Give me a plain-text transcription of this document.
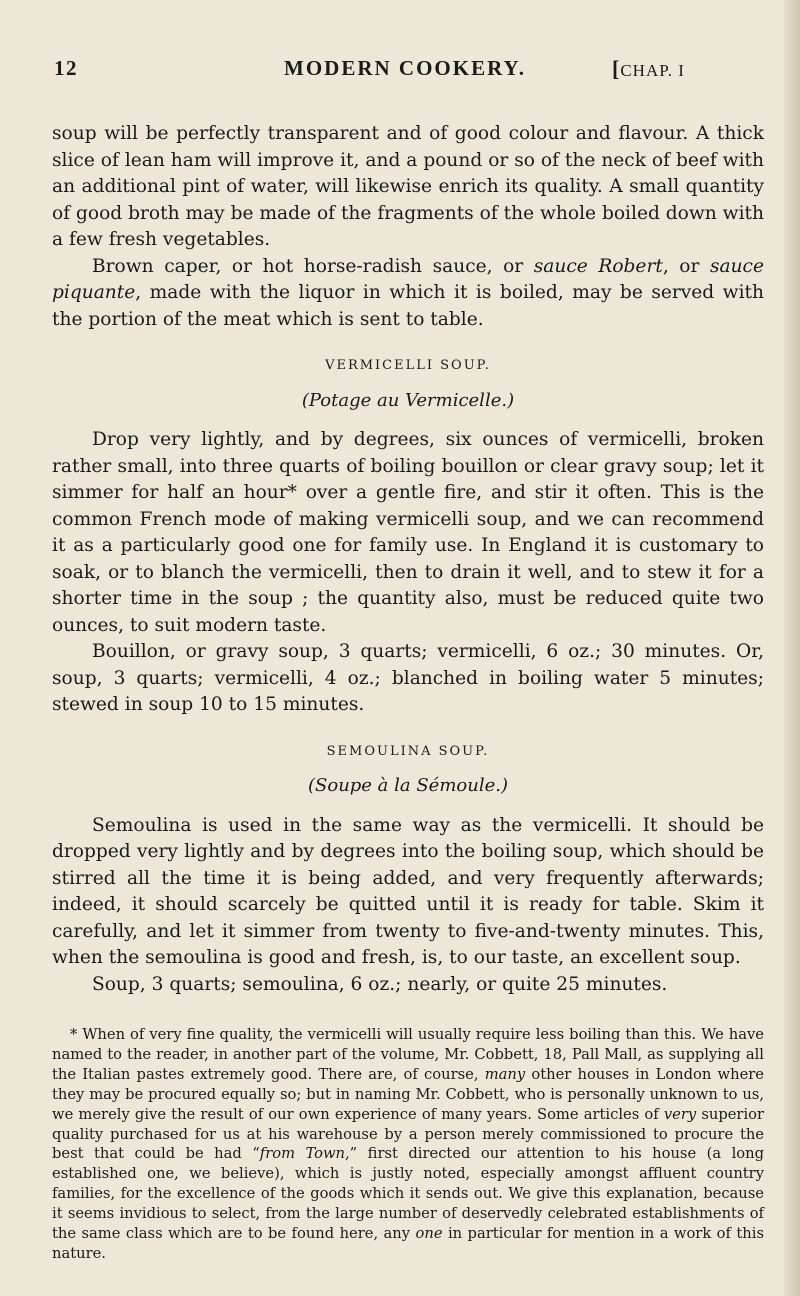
12	MODERN COOKERY.	[CHAP. I

soup will be perfectly transparent and of good colour and flavour. A thick slice of lean ham will improve it, and a pound or so of the neck of beef with an additional pint of water, will likewise enrich its quality. A small quantity of good broth may be made of the fragments of the whole boiled down with a few fresh vegetables.

Brown caper, or hot horse-radish sauce, or sauce Robert, or sauce piquante, made with the liquor in which it is boiled, may be served with the portion of the meat which is sent to table.

VERMICELLI SOUP.
(Potage au Vermicelle.)

Drop very lightly, and by degrees, six ounces of vermicelli, broken rather small, into three quarts of boiling bouillon or clear gravy soup; let it simmer for half an hour* over a gentle fire, and stir it often. This is the common French mode of making vermicelli soup, and we can recommend it as a particularly good one for family use. In England it is customary to soak, or to blanch the vermicelli, then to drain it well, and to stew it for a shorter time in the soup ; the quantity also, must be reduced quite two ounces, to suit modern taste.

Bouillon, or gravy soup, 3 quarts; vermicelli, 6 oz.; 30 minutes. Or, soup, 3 quarts; vermicelli, 4 oz.; blanched in boiling water 5 minutes; stewed in soup 10 to 15 minutes.

SEMOULINA SOUP.
(Soupe à la Sémoule.)

Semoulina is used in the same way as the vermicelli. It should be dropped very lightly and by degrees into the boiling soup, which should be stirred all the time it is being added, and very frequently afterwards; indeed, it should scarcely be quitted until it is ready for table. Skim it carefully, and let it simmer from twenty to five-and-twenty minutes. This, when the semoulina is good and fresh, is, to our taste, an excellent soup.

Soup, 3 quarts; semoulina, 6 oz.; nearly, or quite 25 minutes.

* When of very fine quality, the vermicelli will usually require less boiling than this. We have named to the reader, in another part of the volume, Mr. Cobbett, 18, Pall Mall, as supplying all the Italian pastes extremely good. There are, of course, many other houses in London where they may be procured equally so; but in naming Mr. Cobbett, who is personally unknown to us, we merely give the result of our own experience of many years. Some articles of very superior quality purchased for us at his warehouse by a person merely commissioned to procure the best that could be had “from Town,” first directed our attention to his house (a long established one, we believe), which is justly noted, especially amongst affluent country families, for the excellence of the goods which it sends out. We give this explanation, because it seems invidious to select, from the large number of deservedly celebrated establishments of the same class which are to be found here, any one in particular for mention in a work of this nature.
